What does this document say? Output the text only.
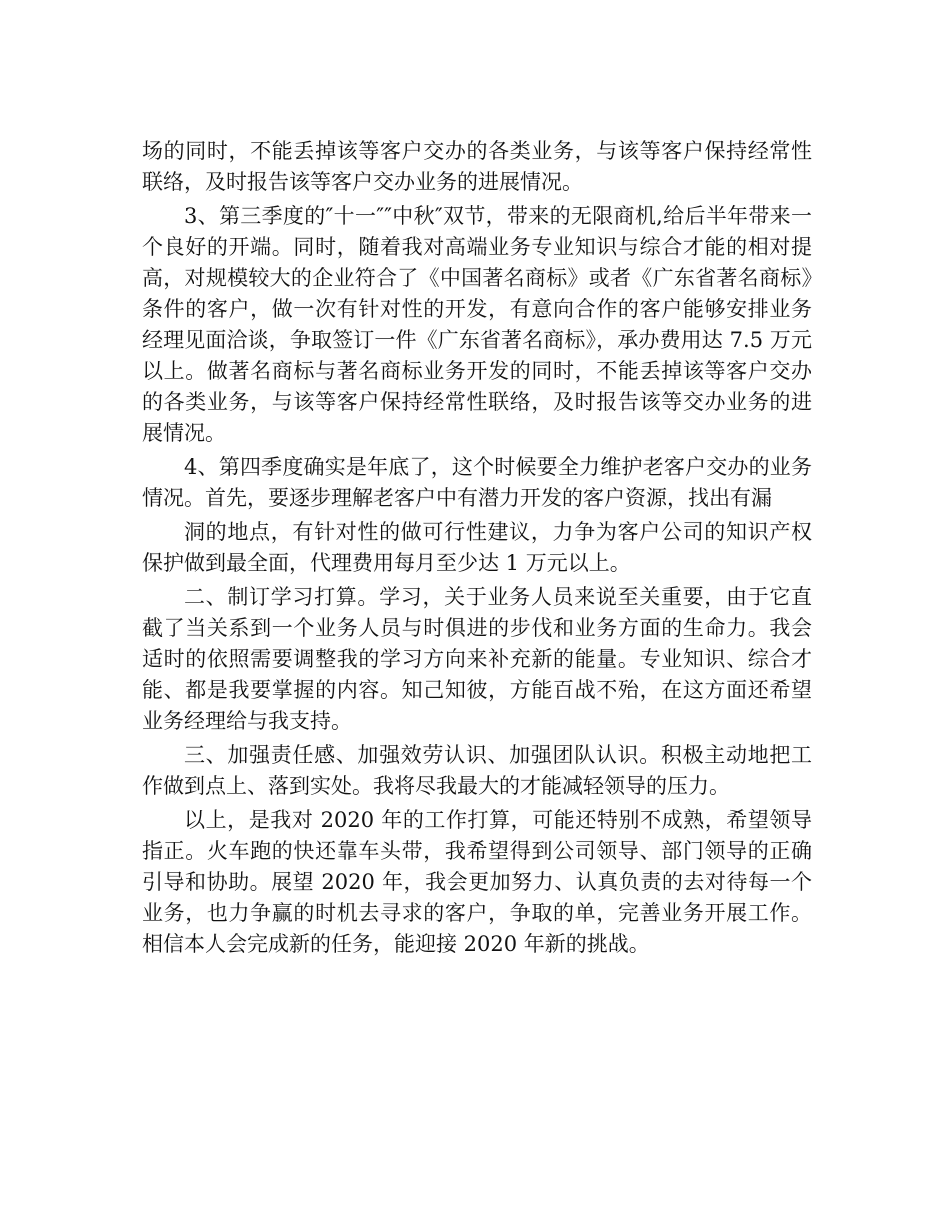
场的同时，不能丢掉该等客户交办的各类业务，与该等客户保持经常性联络，及时报告该等客户交办业务的进展情况。

3、第三季度的″十一″″中秋″双节，带来的无限商机,给后半年带来一个良好的开端。同时，随着我对高端业务专业知识与综合才能的相对提高，对规模较大的企业符合了《中国著名商标》或者《广东省著名商标》条件的客户，做一次有针对性的开发，有意向合作的客户能够安排业务经理见面洽谈，争取签订一件《广东省著名商标》，承办费用达 7.5 万元以上。做著名商标与著名商标业务开发的同时，不能丢掉该等客户交办的各类业务，与该等客户保持经常性联络，及时报告该等交办业务的进展情况。

4、第四季度确实是年底了，这个时候要全力维护老客户交办的业务情况。首先，要逐步理解老客户中有潜力开发的客户资源，找出有漏

洞的地点，有针对性的做可行性建议，力争为客户公司的知识产权保护做到最全面，代理费用每月至少达 1 万元以上。

二、制订学习打算。学习，关于业务人员来说至关重要，由于它直截了当关系到一个业务人员与时俱进的步伐和业务方面的生命力。我会适时的依照需要调整我的学习方向来补充新的能量。专业知识、综合才能、都是我要掌握的内容。知己知彼，方能百战不殆，在这方面还希望业务经理给与我支持。

三、加强责任感、加强效劳认识、加强团队认识。积极主动地把工作做到点上、落到实处。我将尽我最大的才能减轻领导的压力。

以上，是我对 2020 年的工作打算，可能还特别不成熟，希望领导指正。火车跑的快还靠车头带，我希望得到公司领导、部门领导的正确引导和协助。展望 2020 年，我会更加努力、认真负责的去对待每一个业务，也力争赢的时机去寻求的客户，争取的单，完善业务开展工作。相信本人会完成新的任务，能迎接 2020 年新的挑战。
